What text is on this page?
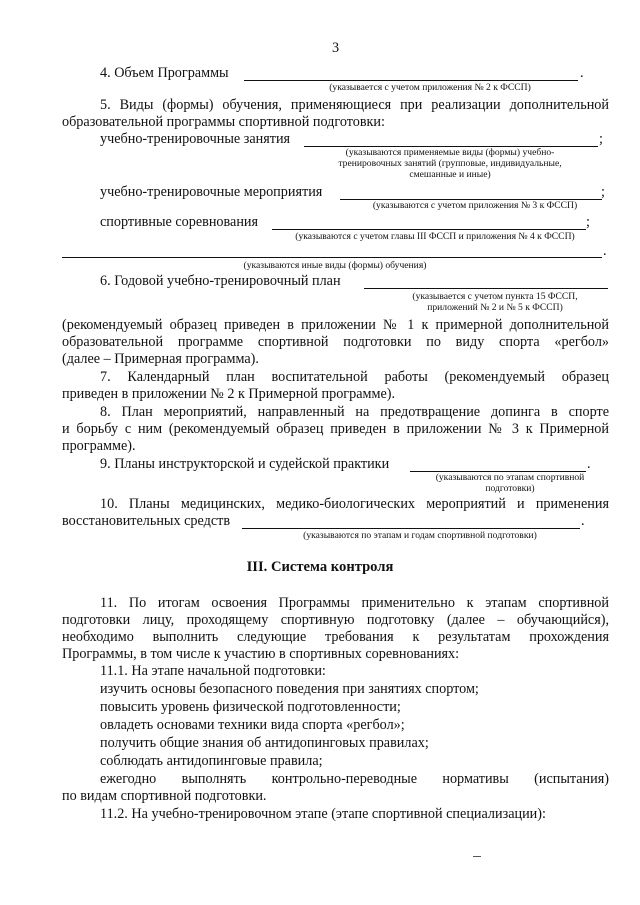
3
4. Объем Программы	.
(указывается с учетом приложения № 2 к ФССП)
5. Виды (формы) обучения, применяющиеся при реализации дополнительной
образовательной программы спортивной подготовки:
учебно-тренировочные занятия	;
(указываются применяемые виды (формы) учебно-
тренировочных занятий (групповые, индивидуальные,
смешанные и иные)
учебно-тренировочные мероприятия	;
(указываются с учетом приложения № 3 к ФССП)
спортивные соревнования	;
(указываются с учетом главы III ФССП и приложения № 4 к ФССП)
.
(указываются иные виды (формы) обучения)
6. Годовой учебно-тренировочный план
(указывается с учетом пункта 15 ФССП,
приложений № 2 и № 5 к ФССП)
(рекомендуемый образец приведен в приложении № 1 к примерной дополнительной
образовательной программе спортивной подготовки по виду спорта «регбол»
(далее – Примерная программа).
7. Календарный план воспитательной работы (рекомендуемый образец
приведен в приложении № 2 к Примерной программе).
8. План мероприятий, направленный на предотвращение допинга в спорте
и борьбу с ним (рекомендуемый образец приведен в приложении № 3 к Примерной
программе).
9. Планы инструкторской и судейской практики	.
(указываются по этапам спортивной
подготовки)
10. Планы медицинских, медико-биологических мероприятий и применения
восстановительных средств	.
(указываются по этапам и годам спортивной подготовки)
III. Система контроля
11. По итогам освоения Программы применительно к этапам спортивной
подготовки лицу, проходящему спортивную подготовку (далее – обучающийся),
необходимо выполнить следующие требования к результатам прохождения
Программы, в том числе к участию в спортивных соревнованиях:
11.1. На этапе начальной подготовки:
изучить основы безопасного поведения при занятиях спортом;
повысить уровень физической подготовленности;
овладеть основами техники вида спорта «регбол»;
получить общие знания об антидопинговых правилах;
соблюдать антидопинговые правила;
ежегодно выполнять контрольно-переводные нормативы (испытания)
по видам спортивной подготовки.
11.2. На учебно-тренировочном этапе (этапе спортивной специализации):
